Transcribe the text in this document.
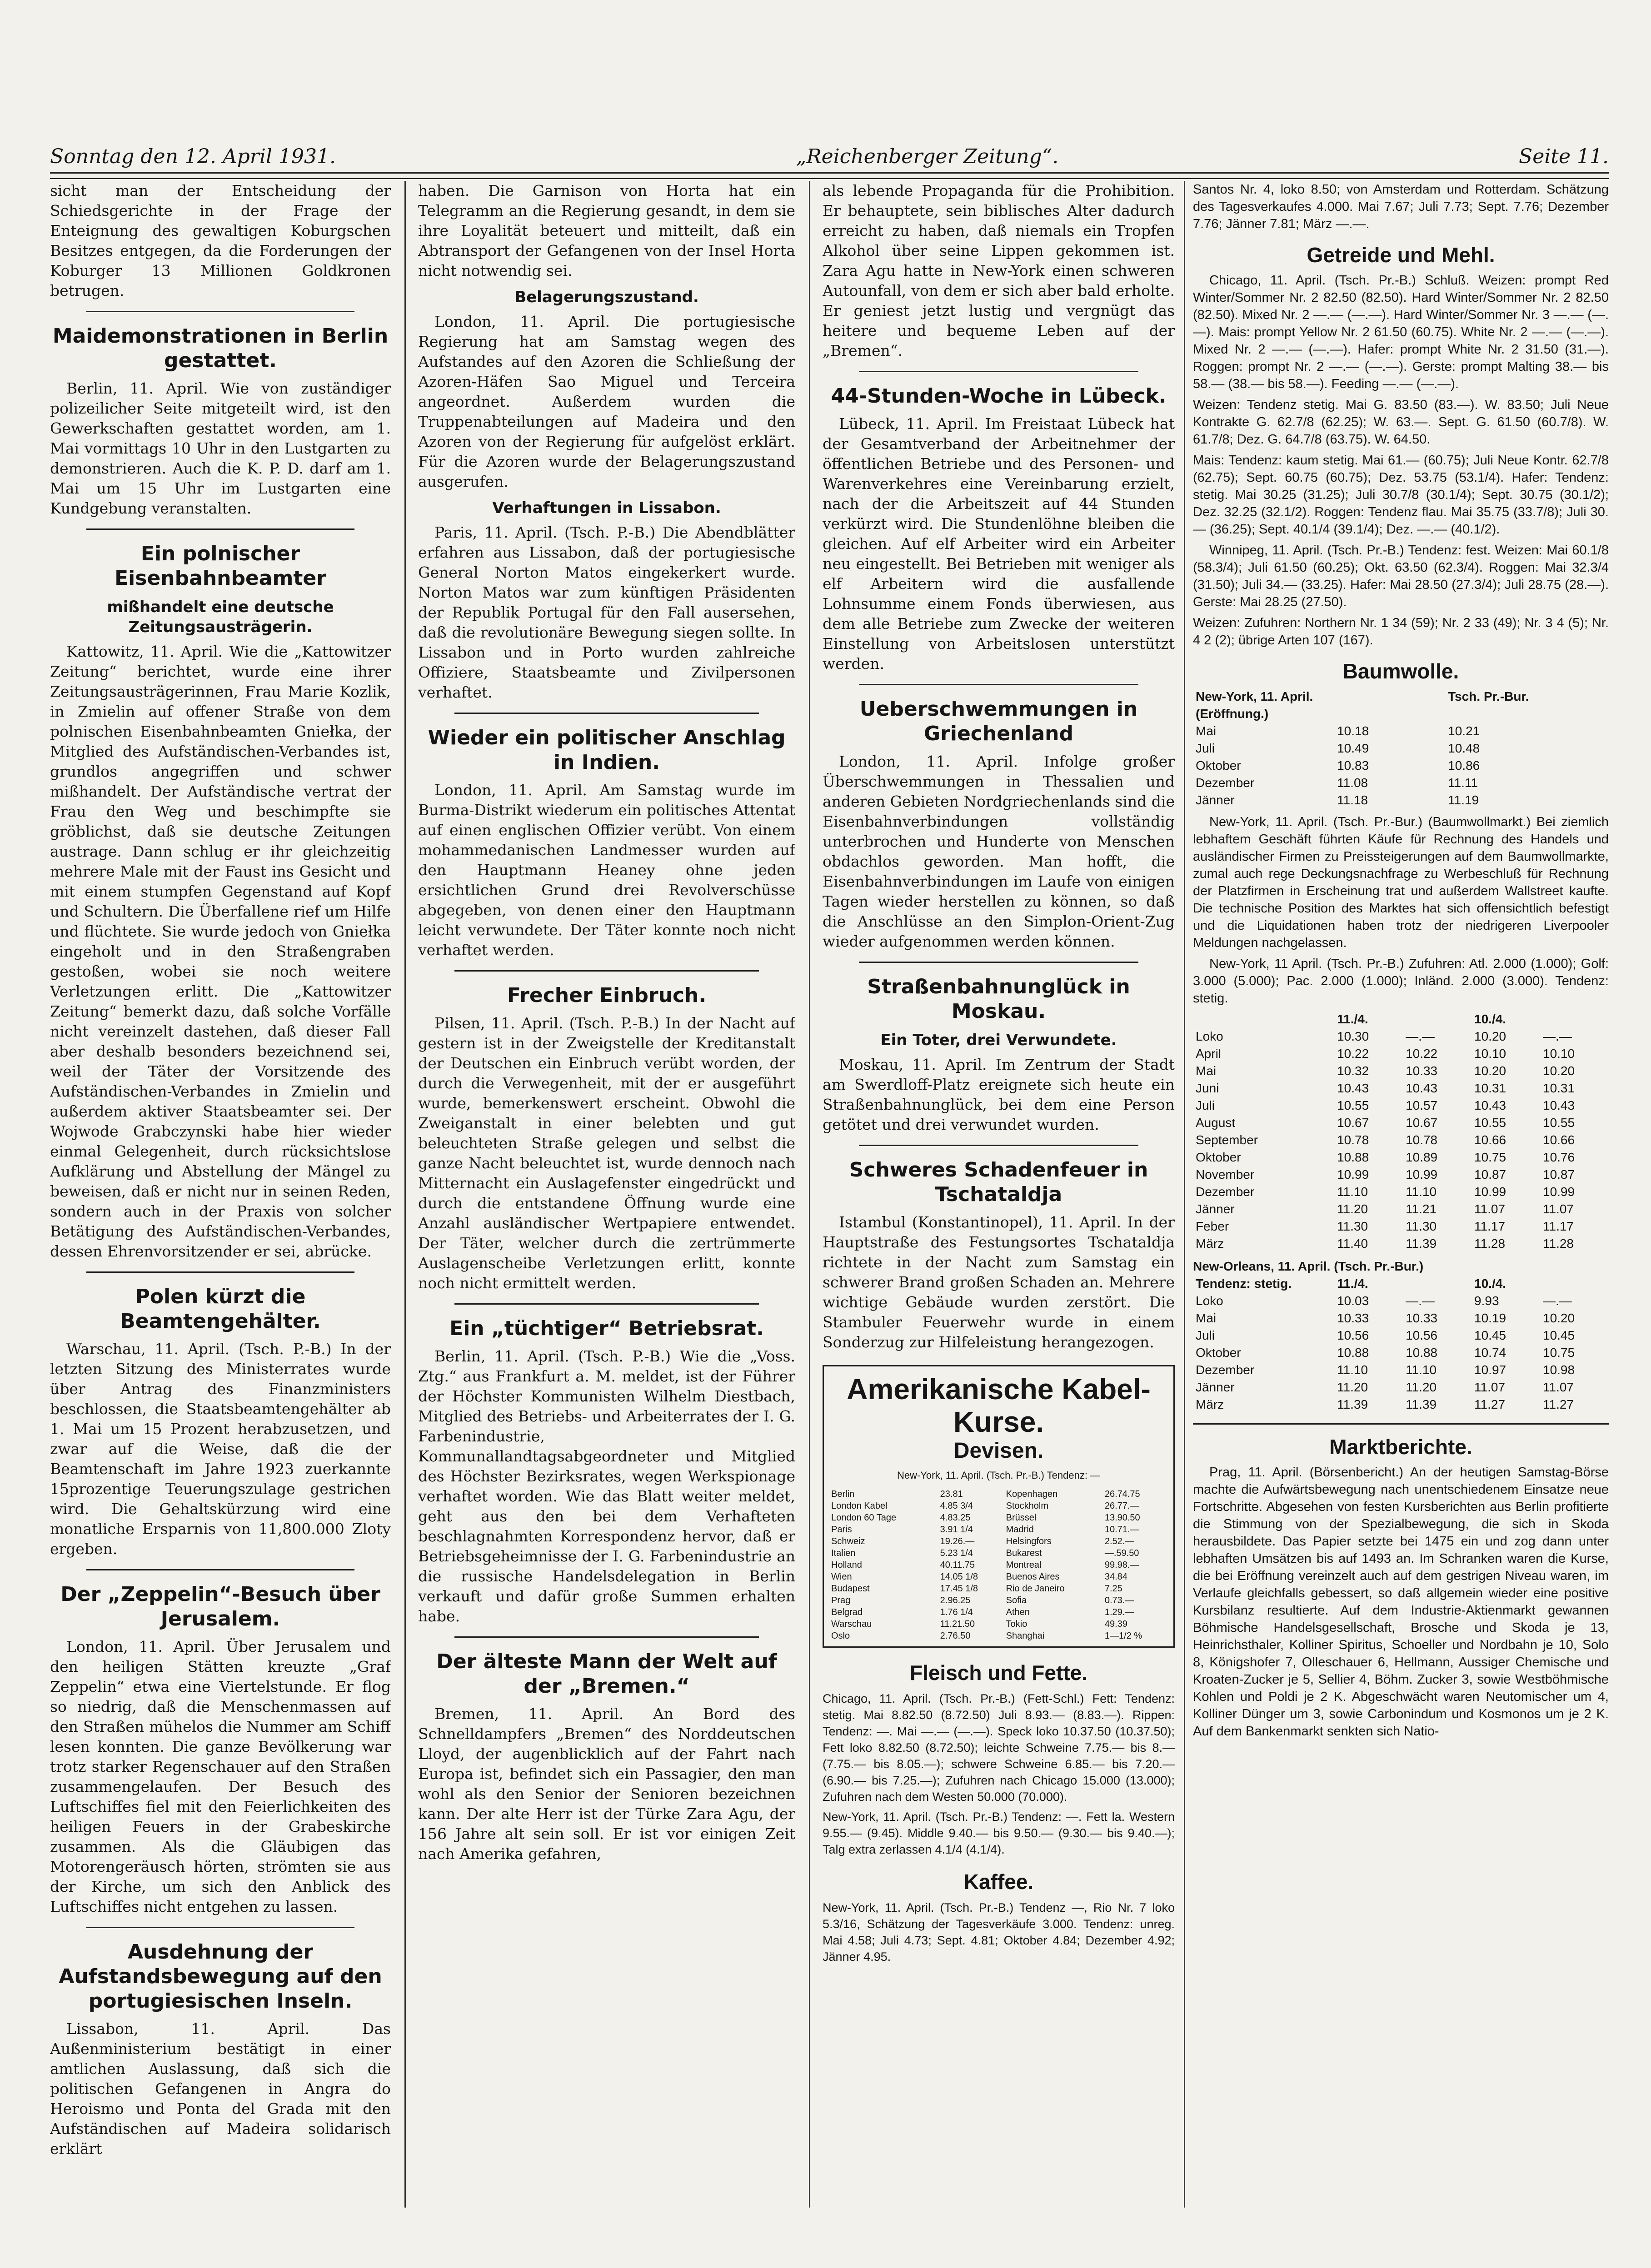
Sonntag den 12. April 1931.	„Reichenberger Zeitung“.	Seite 11.

sicht man der Entscheidung der Schiedsgerichte in der Frage der Enteignung des gewaltigen Koburgschen Besitzes entgegen, da die Forderungen der Koburger 13 Millionen Goldkronen betrugen.

Maidemonstrationen in Berlin gestattet.

Berlin, 11. April. Wie von zuständiger polizeilicher Seite mitgeteilt wird, ist den Gewerkschaften gestattet worden, am 1. Mai vormittags 10 Uhr in den Lustgarten zu demonstrieren. Auch die K. P. D. darf am 1. Mai um 15 Uhr im Lustgarten eine Kundgebung veranstalten.

Ein polnischer Eisenbahnbeamter
mißhandelt eine deutsche Zeitungsausträgerin.

Kattowitz, 11. April. Wie die „Kattowitzer Zeitung“ berichtet, wurde eine ihrer Zeitungsausträgerinnen, Frau Marie Kozlik, in Zmielin auf offener Straße von dem polnischen Eisenbahnbeamten Gniełka, der Mitglied des Aufständischen-Verbandes ist, grundlos angegriffen und schwer mißhandelt. Der Aufständische vertrat der Frau den Weg und beschimpfte sie gröblichst, daß sie deutsche Zeitungen austrage. Dann schlug er ihr gleichzeitig mehrere Male mit der Faust ins Gesicht und mit einem stumpfen Gegenstand auf Kopf und Schultern. Die Überfallene rief um Hilfe und flüchtete. Sie wurde jedoch von Gniełka eingeholt und in den Straßengraben gestoßen, wobei sie noch weitere Verletzungen erlitt. Die „Kattowitzer Zeitung“ bemerkt dazu, daß solche Vorfälle nicht vereinzelt dastehen, daß dieser Fall aber deshalb besonders bezeichnend sei, weil der Täter der Vorsitzende des Aufständischen-Verbandes in Zmielin und außerdem aktiver Staatsbeamter sei. Der Wojwode Grabczynski habe hier wieder einmal Gelegenheit, durch rücksichtslose Aufklärung und Abstellung der Mängel zu beweisen, daß er nicht nur in seinen Reden, sondern auch in der Praxis von solcher Betätigung des Aufständischen-Verbandes, dessen Ehrenvorsitzender er sei, abrücke.

Polen kürzt die Beamtengehälter.

Warschau, 11. April. (Tsch. P.-B.) In der letzten Sitzung des Ministerrates wurde über Antrag des Finanzministers beschlossen, die Staatsbeamtengehälter ab 1. Mai um 15 Prozent herabzusetzen, und zwar auf die Weise, daß die der Beamtenschaft im Jahre 1923 zuerkannte 15prozentige Teuerungszulage gestrichen wird. Die Gehaltskürzung wird eine monatliche Ersparnis von 11,800.000 Zloty ergeben.

Der „Zeppelin“-Besuch über Jerusalem.

London, 11. April. Über Jerusalem und den heiligen Stätten kreuzte „Graf Zeppelin“ etwa eine Viertelstunde. Er flog so niedrig, daß die Menschenmassen auf den Straßen mühelos die Nummer am Schiff lesen konnten. Die ganze Bevölkerung war trotz starker Regenschauer auf den Straßen zusammengelaufen. Der Besuch des Luftschiffes fiel mit den Feierlichkeiten des heiligen Feuers in der Grabeskirche zusammen. Als die Gläubigen das Motorengeräusch hörten, strömten sie aus der Kirche, um sich den Anblick des Luftschiffes nicht entgehen zu lassen.

Ausdehnung der Aufstandsbewegung auf den portugiesischen Inseln.

Lissabon, 11. April. Das Außenministerium bestätigt in einer amtlichen Auslassung, daß sich die politischen Gefangenen in Angra do Heroismo und Ponta del Grada mit den Aufständischen auf Madeira solidarisch erklärt

haben. Die Garnison von Horta hat ein Telegramm an die Regierung gesandt, in dem sie ihre Loyalität beteuert und mitteilt, daß ein Abtransport der Gefangenen von der Insel Horta nicht notwendig sei.

Belagerungszustand.

London, 11. April. Die portugiesische Regierung hat am Samstag wegen des Aufstandes auf den Azoren die Schließung der Azoren-Häfen Sao Miguel und Terceira angeordnet. Außerdem wurden die Truppenabteilungen auf Madeira und den Azoren von der Regierung für aufgelöst erklärt. Für die Azoren wurde der Belagerungszustand ausgerufen.

Verhaftungen in Lissabon.

Paris, 11. April. (Tsch. P.-B.) Die Abendblätter erfahren aus Lissabon, daß der portugiesische General Norton Matos eingekerkert wurde. Norton Matos war zum künftigen Präsidenten der Republik Portugal für den Fall ausersehen, daß die revolutionäre Bewegung siegen sollte. In Lissabon und in Porto wurden zahlreiche Offiziere, Staatsbeamte und Zivilpersonen verhaftet.

Wieder ein politischer Anschlag in Indien.

London, 11. April. Am Samstag wurde im Burma-Distrikt wiederum ein politisches Attentat auf einen englischen Offizier verübt. Von einem mohammedanischen Landmesser wurden auf den Hauptmann Heaney ohne jeden ersichtlichen Grund drei Revolverschüsse abgegeben, von denen einer den Hauptmann leicht verwundete. Der Täter konnte noch nicht verhaftet werden.

Frecher Einbruch.

Pilsen, 11. April. (Tsch. P.-B.) In der Nacht auf gestern ist in der Zweigstelle der Kreditanstalt der Deutschen ein Einbruch verübt worden, der durch die Verwegenheit, mit der er ausgeführt wurde, bemerkenswert erscheint. Obwohl die Zweiganstalt in einer belebten und gut beleuchteten Straße gelegen und selbst die ganze Nacht beleuchtet ist, wurde dennoch nach Mitternacht ein Auslagefenster eingedrückt und durch die entstandene Öffnung wurde eine Anzahl ausländischer Wertpapiere entwendet. Der Täter, welcher durch die zertrümmerte Auslagenscheibe Verletzungen erlitt, konnte noch nicht ermittelt werden.

Ein „tüchtiger“ Betriebsrat.

Berlin, 11. April. (Tsch. P.-B.) Wie die „Voss. Ztg.“ aus Frankfurt a. M. meldet, ist der Führer der Höchster Kommunisten Wilhelm Diestbach, Mitglied des Betriebs- und Arbeiterrates der I. G. Farbenindustrie, Kommunallandtagsabgeordneter und Mitglied des Höchster Bezirksrates, wegen Werkspionage verhaftet worden. Wie das Blatt weiter meldet, geht aus den bei dem Verhafteten beschlagnahmten Korrespondenz hervor, daß er Betriebsgeheimnisse der I. G. Farbenindustrie an die russische Handelsdelegation in Berlin verkauft und dafür große Summen erhalten habe.

Der älteste Mann der Welt auf der „Bremen.“

Bremen, 11. April. An Bord des Schnelldampfers „Bremen“ des Norddeutschen Lloyd, der augenblicklich auf der Fahrt nach Europa ist, befindet sich ein Passagier, den man wohl als den Senior der Senioren bezeichnen kann. Der alte Herr ist der Türke Zara Agu, der 156 Jahre alt sein soll. Er ist vor einigen Zeit nach Amerika gefahren,

als lebende Propaganda für die Prohibition. Er behauptete, sein biblisches Alter dadurch erreicht zu haben, daß niemals ein Tropfen Alkohol über seine Lippen gekommen ist. Zara Agu hatte in New-York einen schweren Autounfall, von dem er sich aber bald erholte. Er geniest jetzt lustig und vergnügt das heitere und bequeme Leben auf der „Bremen“.

44-Stunden-Woche in Lübeck.

Lübeck, 11. April. Im Freistaat Lübeck hat der Gesamtverband der Arbeitnehmer der öffentlichen Betriebe und des Personen- und Warenverkehres eine Vereinbarung erzielt, nach der die Arbeitszeit auf 44 Stunden verkürzt wird. Die Stundenlöhne bleiben die gleichen. Auf elf Arbeiter wird ein Arbeiter neu eingestellt. Bei Betrieben mit weniger als elf Arbeitern wird die ausfallende Lohnsumme einem Fonds überwiesen, aus dem alle Betriebe zum Zwecke der weiteren Einstellung von Arbeitslosen unterstützt werden.

Ueberschwemmungen in Griechenland

London, 11. April. Infolge großer Überschwemmungen in Thessalien und anderen Gebieten Nordgriechenlands sind die Eisenbahnverbindungen vollständig unterbrochen und Hunderte von Menschen obdachlos geworden. Man hofft, die Eisenbahnverbindungen im Laufe von einigen Tagen wieder herstellen zu können, so daß die Anschlüsse an den Simplon-Orient-Zug wieder aufgenommen werden können.

Straßenbahnunglück in Moskau.
Ein Toter, drei Verwundete.

Moskau, 11. April. Im Zentrum der Stadt am Swerdloff-Platz ereignete sich heute ein Straßenbahnunglück, bei dem eine Person getötet und drei verwundet wurden.

Schweres Schadenfeuer in Tschataldja

Istambul (Konstantinopel), 11. April. In der Hauptstraße des Festungsortes Tschataldja richtete in der Nacht zum Samstag ein schwerer Brand großen Schaden an. Mehrere wichtige Gebäude wurden zerstört. Die Stambuler Feuerwehr wurde in einem Sonderzug zur Hilfeleistung herangezogen.

Amerikanische Kabel-Kurse.
Devisen.
New-York, 11. April. (Tsch. Pr.-B.) Tendenz: —
Berlin	23.81	Kopenhagen	26.74.75
London Kabel	4.85 3/4	Stockholm	26.77.—
London 60 Tage	4.83.25	Brüssel	13.90.50
Paris	3.91 1/4	Madrid	10.71.—
Schweiz	19.26.—	Helsingfors	2.52.—
Italien	5.23 1/4	Bukarest	—.59.50
Holland	40.11.75	Montreal	99.98.—
Wien	14.05 1/8	Buenos Aires	34.84
Budapest	17.45 1/8	Rio de Janeiro	7.25
Prag	2.96.25	Sofia	0.73.—
Belgrad	1.76 1/4	Athen	1.29.—
Warschau	11.21.50	Tokio	49.39
Oslo	2.76.50	Shanghai	1—1/2 %
Fleisch und Fette.

Chicago, 11. April. (Tsch. Pr.-B.) (Fett-Schl.) Fett: Tendenz: stetig. Mai 8.82.50 (8.72.50) Juli 8.93.— (8.83.—). Rippen: Tendenz: —. Mai —.— (—.—). Speck loko 10.37.50 (10.37.50); Fett loko 8.82.50 (8.72.50); leichte Schweine 7.75.— bis 8.— (7.75.— bis 8.05.—); schwere Schweine 6.85.— bis 7.20.— (6.90.— bis 7.25.—); Zufuhren nach Chicago 15.000 (13.000); Zufuhren nach dem Westen 50.000 (70.000).

New-York, 11. April. (Tsch. Pr.-B.) Tendenz: —. Fett la. Western 9.55.— (9.45). Middle 9.40.— bis 9.50.— (9.30.— bis 9.40.—); Talg extra zerlassen 4.1/4 (4.1/4).

Kaffee.

New-York, 11. April. (Tsch. Pr.-B.) Tendenz —, Rio Nr. 7 loko 5.3/16, Schätzung der Tagesverkäufe 3.000. Tendenz: unreg. Mai 4.58; Juli 4.73; Sept. 4.81; Oktober 4.84; Dezember 4.92; Jänner 4.95.

Santos Nr. 4, loko 8.50; von Amsterdam und Rotterdam. Schätzung des Tagesverkaufes 4.000. Mai 7.67; Juli 7.73; Sept. 7.76; Dezember 7.76; Jänner 7.81; März —.—.

Getreide und Mehl.

Chicago, 11. April. (Tsch. Pr.-B.) Schluß. Weizen: prompt Red Winter/Sommer Nr. 2 82.50 (82.50). Hard Winter/Sommer Nr. 2 82.50 (82.50). Mixed Nr. 2 —.— (—.—). Hard Winter/Sommer Nr. 3 —.— (—.—). Mais: prompt Yellow Nr. 2 61.50 (60.75). White Nr. 2 —.— (—.—). Mixed Nr. 2 —.— (—.—). Hafer: prompt White Nr. 2 31.50 (31.—). Roggen: prompt Nr. 2 —.— (—.—). Gerste: prompt Malting 38.— bis 58.— (38.— bis 58.—). Feeding —.— (—.—).

Weizen: Tendenz stetig. Mai G. 83.50 (83.—). W. 83.50; Juli Neue Kontrakte G. 62.7/8 (62.25); W. 63.—. Sept. G. 61.50 (60.7/8). W. 61.7/8; Dez. G. 64.7/8 (63.75). W. 64.50.

Mais: Tendenz: kaum stetig. Mai 61.— (60.75); Juli Neue Kontr. 62.7/8 (62.75); Sept. 60.75 (60.75); Dez. 53.75 (53.1/4). Hafer: Tendenz: stetig. Mai 30.25 (31.25); Juli 30.7/8 (30.1/4); Sept. 30.75 (30.1/2); Dez. 32.25 (32.1/2). Roggen: Tendenz flau. Mai 35.75 (33.7/8); Juli 30.— (36.25); Sept. 40.1/4 (39.1/4); Dez. —.— (40.1/2).

Winnipeg, 11. April. (Tsch. Pr.-B.) Tendenz: fest. Weizen: Mai 60.1/8 (58.3/4); Juli 61.50 (60.25); Okt. 63.50 (62.3/4). Roggen: Mai 32.3/4 (31.50); Juli 34.— (33.25). Hafer: Mai 28.50 (27.3/4); Juli 28.75 (28.—). Gerste: Mai 28.25 (27.50).

Weizen: Zufuhren: Northern Nr. 1 34 (59); Nr. 2 33 (49); Nr. 3 4 (5); Nr. 4 2 (2); übrige Arten 107 (167).

Baumwolle.
New-York, 11. April.		Tsch. Pr.-Bur.
(Eröffnung.)		
Mai	10.18	10.21
Juli	10.49	10.48
Oktober	10.83	10.86
Dezember	11.08	11.11
Jänner	11.18	11.19

New-York, 11. April. (Tsch. Pr.-Bur.) (Baumwollmarkt.) Bei ziemlich lebhaftem Geschäft führten Käufe für Rechnung des Handels und ausländischer Firmen zu Preissteigerungen auf dem Baumwollmarkte, zumal auch rege Deckungsnachfrage zu Werbeschluß für Rechnung der Platzfirmen in Erscheinung trat und außerdem Wallstreet kaufte. Die technische Position des Marktes hat sich offensichtlich befestigt und die Liquidationen haben trotz der niedrigeren Liverpooler Meldungen nachgelassen.

New-York, 11 April. (Tsch. Pr.-B.) Zufuhren: Atl. 2.000 (1.000); Golf: 3.000 (5.000); Pac. 2.000 (1.000); Inländ. 2.000 (3.000). Tendenz: stetig.

	11./4.		10./4.	
Loko	10.30	—.—	10.20	—.—
April	10.22	10.22	10.10	10.10
Mai	10.32	10.33	10.20	10.20
Juni	10.43	10.43	10.31	10.31
Juli	10.55	10.57	10.43	10.43
August	10.67	10.67	10.55	10.55
September	10.78	10.78	10.66	10.66
Oktober	10.88	10.89	10.75	10.76
November	10.99	10.99	10.87	10.87
Dezember	11.10	11.10	10.99	10.99
Jänner	11.20	11.21	11.07	11.07
Feber	11.30	11.30	11.17	11.17
März	11.40	11.39	11.28	11.28
New-Orleans, 11. April. (Tsch. Pr.-Bur.)
Tendenz: stetig.	11./4.		10./4.	
Loko	10.03	—.—	9.93	—.—
Mai	10.33	10.33	10.19	10.20
Juli	10.56	10.56	10.45	10.45
Oktober	10.88	10.88	10.74	10.75
Dezember	11.10	11.10	10.97	10.98
Jänner	11.20	11.20	11.07	11.07
März	11.39	11.39	11.27	11.27
Marktberichte.

Prag, 11. April. (Börsenbericht.) An der heutigen Samstag-Börse machte die Aufwärtsbewegung nach unentschiedenem Einsatze neue Fortschritte. Abgesehen von festen Kursberichten aus Berlin profitierte die Stimmung von der Spezialbewegung, die sich in Skoda herausbildete. Das Papier setzte bei 1475 ein und zog dann unter lebhaften Umsätzen bis auf 1493 an. Im Schranken waren die Kurse, die bei Eröffnung vereinzelt auch auf dem gestrigen Niveau waren, im Verlaufe gleichfalls gebessert, so daß allgemein wieder eine positive Kursbilanz resultierte. Auf dem Industrie-Aktienmarkt gewannen Böhmische Handelsgesellschaft, Brosche und Skoda je 13, Heinrichsthaler, Kolliner Spiritus, Schoeller und Nordbahn je 10, Solo 8, Königshofer 7, Olleschauer 6, Hellmann, Aussiger Chemische und Kroaten-Zucker je 5, Sellier 4, Böhm. Zucker 3, sowie Westböhmische Kohlen und Poldi je 2 K. Abgeschwächt waren Neutomischer um 4, Kolliner Dünger um 3, sowie Carbonindum und Kosmonos um je 2 K. Auf dem Bankenmarkt senkten sich Natio-
